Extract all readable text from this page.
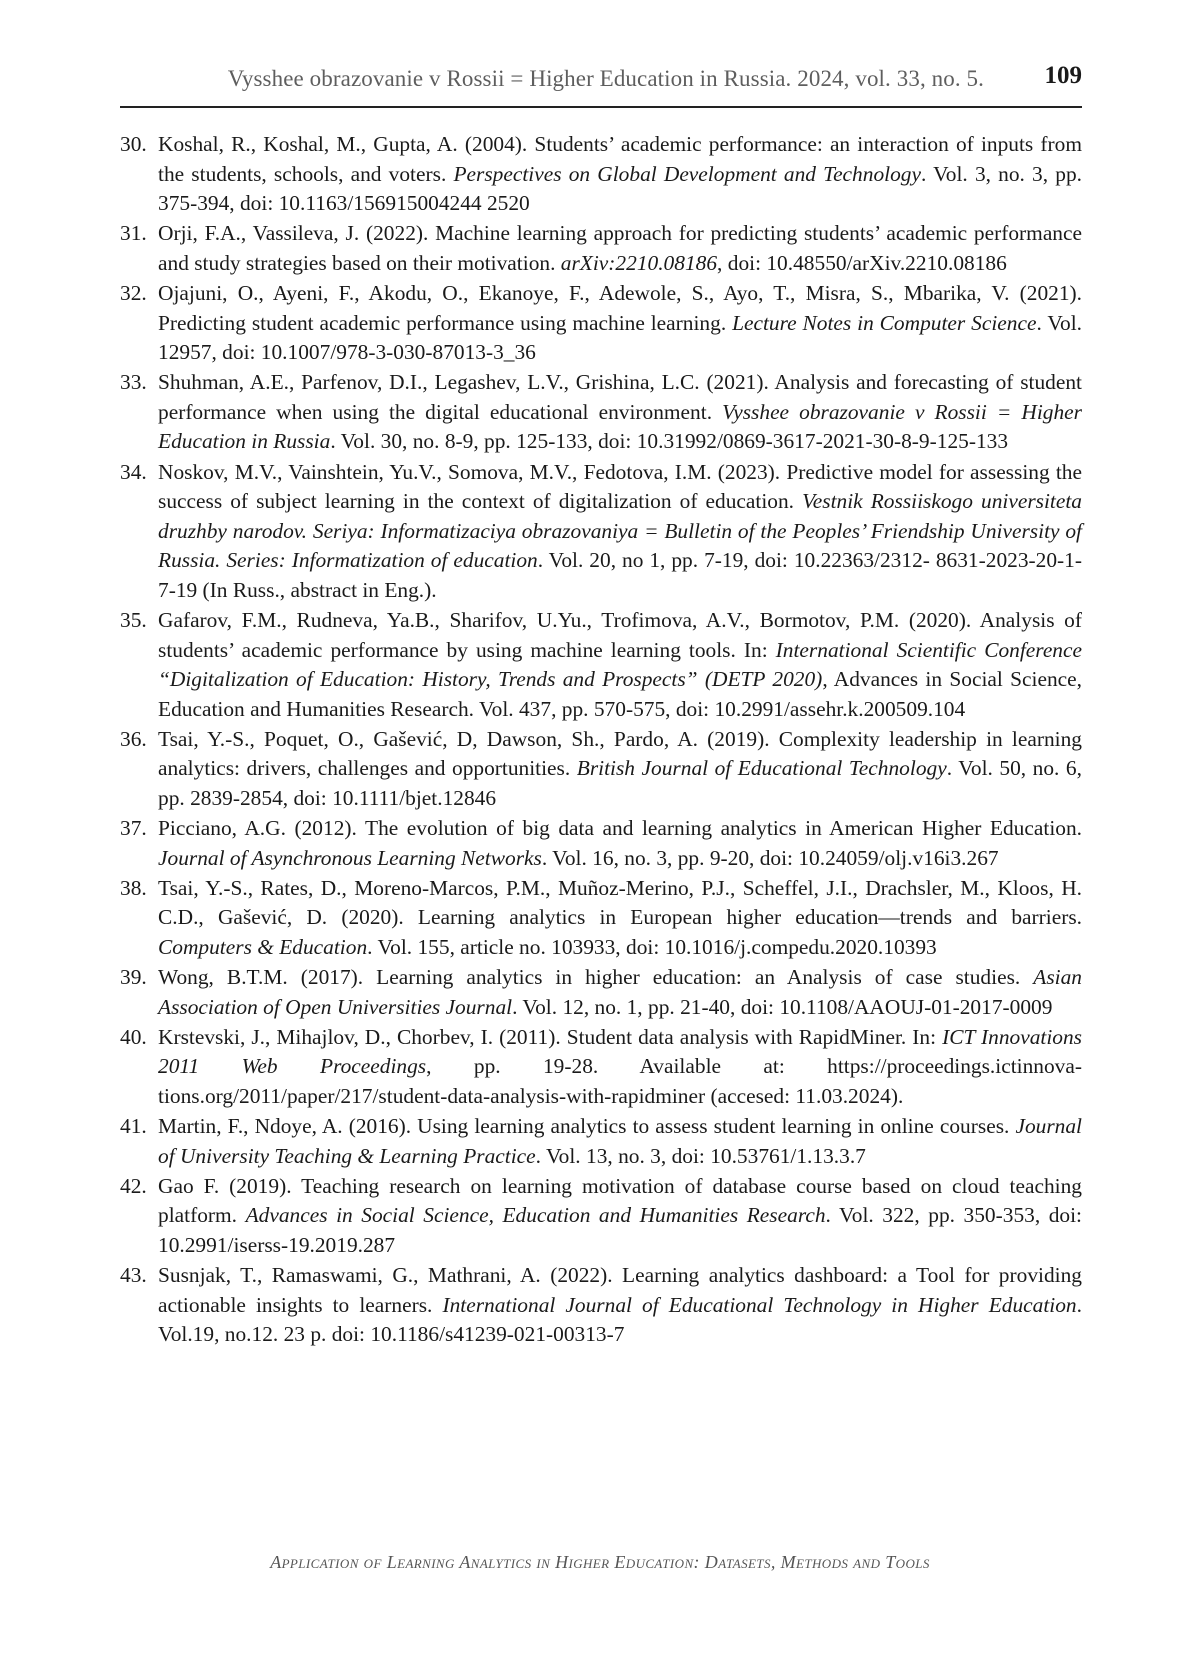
Vysshee obrazovanie v Rossii = Higher Education in Russia. 2024, vol. 33, no. 5. 109
30. Koshal, R., Koshal, M., Gupta, A. (2004). Students’ academic performance: an interaction of inputs from the students, schools, and voters. Perspectives on Global Development and Technology. Vol. 3, no. 3, pp. 375-394, doi: 10.1163/156915004244 2520
31. Orji, F.A., Vassileva, J. (2022). Machine learning approach for predicting students’ academic performance and study strategies based on their motivation. arXiv:2210.08186, doi: 10.48550/arXiv.2210.08186
32. Ojajuni, O., Ayeni, F., Akodu, O., Ekanoye, F., Adewole, S., Ayo, T., Misra, S., Mbarika, V. (2021). Predicting student academic performance using machine learning. Lecture Notes in Computer Science. Vol. 12957, doi: 10.1007/978-3-030-87013-3_36
33. Shuhman, A.E., Parfenov, D.I., Legashev, L.V., Grishina, L.C. (2021). Analysis and forecasting of student performance when using the digital educational environment. Vysshee obrazovanie v Rossii = Higher Education in Russia. Vol. 30, no. 8-9, pp. 125-133, doi: 10.31992/0869-3617-2021-30-8-9-125-133
34. Noskov, M.V., Vainshtein, Yu.V., Somova, M.V., Fedotova, I.M. (2023). Predictive model for assessing the success of subject learning in the context of digitalization of education. Vestnik Rossiiskogo universiteta druzhby narodov. Seriya: Informatizaciya obrazovaniya = Bulletin of the Peoples’ Friendship University of Russia. Series: Informatization of education. Vol. 20, no 1, pp. 7-19, doi: 10.22363/2312- 8631-2023-20-1-7-19 (In Russ., abstract in Eng.).
35. Gafarov, F.M., Rudneva, Ya.B., Sharifov, U.Yu., Trofimova, A.V., Bormotov, P.M. (2020). Analysis of students’ academic performance by using machine learning tools. In: International Scientific Conference “Digitalization of Education: History, Trends and Prospects” (DETP 2020), Advances in Social Science, Education and Humanities Research. Vol. 437, pp. 570-575, doi: 10.2991/assehr.k.200509.104
36. Tsai, Y.-S., Poquet, O., Gašević, D, Dawson, Sh., Pardo, A. (2019). Complexity leadership in learning analytics: drivers, challenges and opportunities. British Journal of Educational Technology. Vol. 50, no. 6, pp. 2839-2854, doi: 10.1111/bjet.12846
37. Picciano, A.G. (2012). The evolution of big data and learning analytics in American Higher Education. Journal of Asynchronous Learning Networks. Vol. 16, no. 3, pp. 9-20, doi: 10.24059/olj.v16i3.267
38. Tsai, Y.-S., Rates, D., Moreno-Marcos, P.M., Muñoz-Merino, P.J., Scheffel, J.I., Drachsler, M., Kloos, H. C.D., Gašević, D. (2020). Learning analytics in European higher education—trends and barriers. Computers & Education. Vol. 155, article no. 103933, doi: 10.1016/j.compedu.2020.10393
39. Wong, B.T.M. (2017). Learning analytics in higher education: an Analysis of case studies. Asian Association of Open Universities Journal. Vol. 12, no. 1, pp. 21-40, doi: 10.1108/AAOUJ-01-2017-0009
40. Krstevski, J., Mihajlov, D., Chorbev, I. (2011). Student data analysis with RapidMiner. In: ICT Innovations 2011 Web Proceedings, pp. 19-28. Available at: https://proceedings.ictinnovations.org/2011/paper/217/student-data-analysis-with-rapidminer (accesed: 11.03.2024).
41. Martin, F., Ndoye, A. (2016). Using learning analytics to assess student learning in online courses. Journal of University Teaching & Learning Practice. Vol. 13, no. 3, doi: 10.53761/1.13.3.7
42. Gao F. (2019). Teaching research on learning motivation of database course based on cloud teaching platform. Advances in Social Science, Education and Humanities Research. Vol. 322, pp. 350-353, doi: 10.2991/iserss-19.2019.287
43. Susnjak, T., Ramaswami, G., Mathrani, A. (2022). Learning analytics dashboard: a Tool for providing actionable insights to learners. International Journal of Educational Technology in Higher Education. Vol.19, no.12. 23 p. doi: 10.1186/s41239-021-00313-7
Application of Learning Analytics in Higher Education: Datasets, Methods and Tools
